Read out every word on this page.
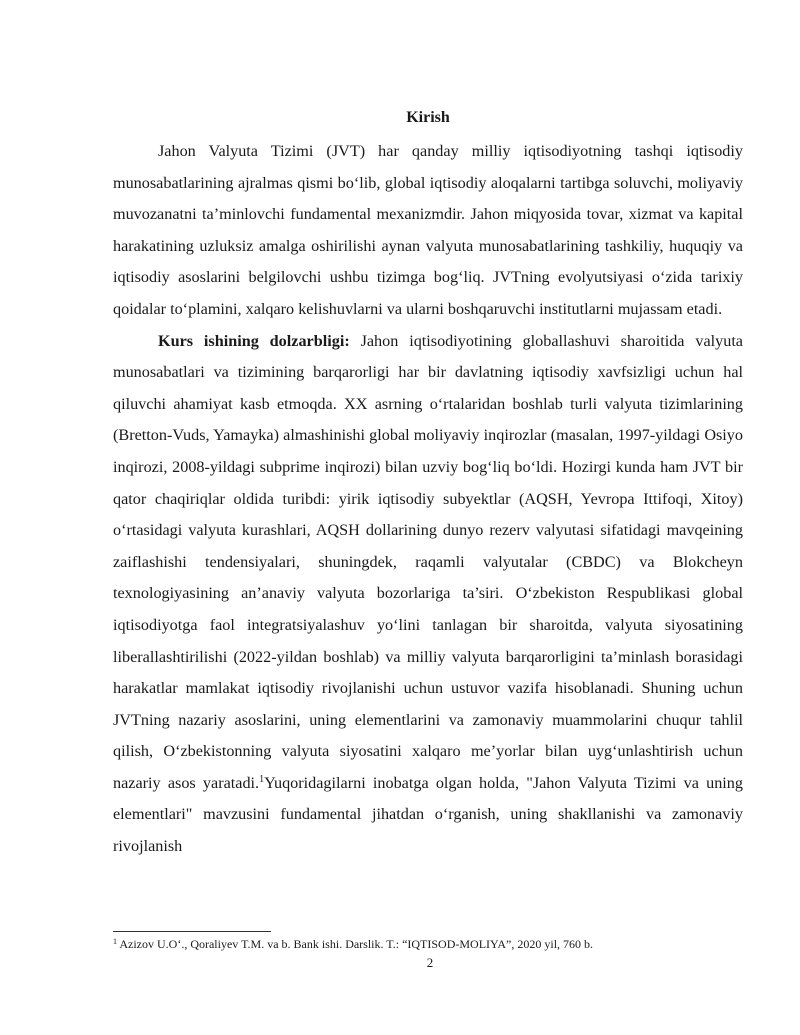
Kirish

Jahon Valyuta Tizimi (JVT) har qanday milliy iqtisodiyotning tashqi iqtisodiy munosabatlarining ajralmas qismi bo‘lib, global iqtisodiy aloqalarni tartibga soluvchi, moliyaviy muvozanatni ta’minlovchi fundamental mexanizmdir. Jahon miqyosida tovar, xizmat va kapital harakatining uzluksiz amalga oshirilishi aynan valyuta munosabatlarining tashkiliy, huquqiy va iqtisodiy asoslarini belgilovchi ushbu tizimga bog‘liq. JVTning evolyutsiyasi o‘zida tarixiy qoidalar to‘plamini, xalqaro kelishuvlarni va ularni boshqaruvchi institutlarni mujassam etadi.

Kurs ishining dolzarbligi: Jahon iqtisodiyotining globallashuvi sharoitida valyuta munosabatlari va tizimining barqarorligi har bir davlatning iqtisodiy xavfsizligi uchun hal qiluvchi ahamiyat kasb etmoqda. XX asrning o‘rtalaridan boshlab turli valyuta tizimlarining (Bretton-Vuds, Yamayka) almashinishi global moliyaviy inqirozlar (masalan, 1997-yildagi Osiyo inqirozi, 2008-yildagi subprime inqirozi) bilan uzviy bog‘liq bo‘ldi. Hozirgi kunda ham JVT bir qator chaqiriqlar oldida turibdi: yirik iqtisodiy subyektlar (AQSH, Yevropa Ittifoqi, Xitoy) o‘rtasidagi valyuta kurashlari, AQSH dollarining dunyo rezerv valyutasi sifatidagi mavqeining zaiflashishi tendensiyalari, shuningdek, raqamli valyutalar (CBDC) va Blokcheyn texnologiyasining an’anaviy valyuta bozorlariga ta’siri. O‘zbekiston Respublikasi global iqtisodiyotga faol integratsiyalashuv yo‘lini tanlagan bir sharoitda, valyuta siyosatining liberallashtirilishi (2022-yildan boshlab) va milliy valyuta barqarorligini ta’minlash borasidagi harakatlar mamlakat iqtisodiy rivojlanishi uchun ustuvor vazifa hisoblanadi. Shuning uchun JVTning nazariy asoslarini, uning elementlarini va zamonaviy muammolarini chuqur tahlil qilish, O‘zbekistonning valyuta siyosatini xalqaro me’yorlar bilan uyg‘unlashtirish uchun nazariy asos yaratadi.$^1$Yuqoridagilarni inobatga olgan holda, "Jahon Valyuta Tizimi va uning elementlari" mavzusini fundamental jihatdan o‘rganish, uning shakllanishi va zamonaviy rivojlanish

$^1$ Azizov U.O‘., Qoraliyev T.M. va b. Bank ishi. Darslik. T.: “IQTISOD-MOLIYA”, 2020 yil, 760 b.
2
